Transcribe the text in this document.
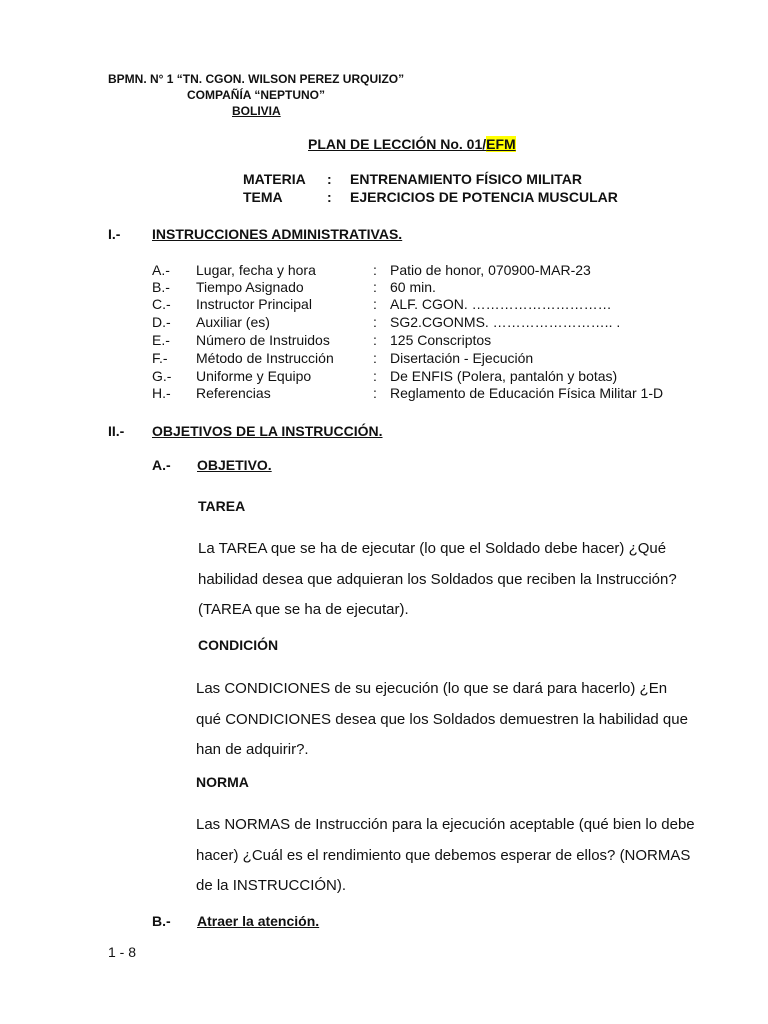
BPMN. N° 1 “TN. CGON. WILSON PEREZ URQUIZO”
COMPAÑÍA “NEPTUNO”
BOLIVIA
PLAN DE LECCIÓN No. 01/EFM
MATERIA : ENTRENAMIENTO FÍSICO MILITAR
TEMA	: EJERCICIOS DE POTENCIA MUSCULAR
I.- INSTRUCCIONES ADMINISTRATIVAS.
A.- Lugar, fecha y hora	: Patio de honor, 070900-MAR-23
B.- Tiempo Asignado	: 60 min.
C.- Instructor Principal	: ALF. CGON. …………………………
D.- Auxiliar (es)	: SG2.CGONMS. …………………….. .
E.- Número de Instruidos	: 125 Conscriptos
F.- Método de Instrucción	: Disertación - Ejecución
G.- Uniforme y Equipo	: De ENFIS (Polera, pantalón y botas)
H.- Referencias	: Reglamento de Educación Física Militar 1-D
II.- OBJETIVOS DE LA INSTRUCCIÓN.
A.- OBJETIVO.
TAREA
La TAREA que se ha de ejecutar (lo que el Soldado debe hacer) ¿Qué
habilidad desea que adquieran los Soldados que reciben la Instrucción?
(TAREA que se ha de ejecutar).
CONDICIÓN
Las CONDICIONES de su ejecución (lo que se dará para hacerlo) ¿En
qué CONDICIONES desea que los Soldados demuestren la habilidad que
han de adquirir?.
NORMA
Las NORMAS de Instrucción para la ejecución aceptable (qué bien lo debe
hacer) ¿Cuál es el rendimiento que debemos esperar de ellos? (NORMAS
de la INSTRUCCIÓN).
B.- Atraer la atención.
1 - 8
